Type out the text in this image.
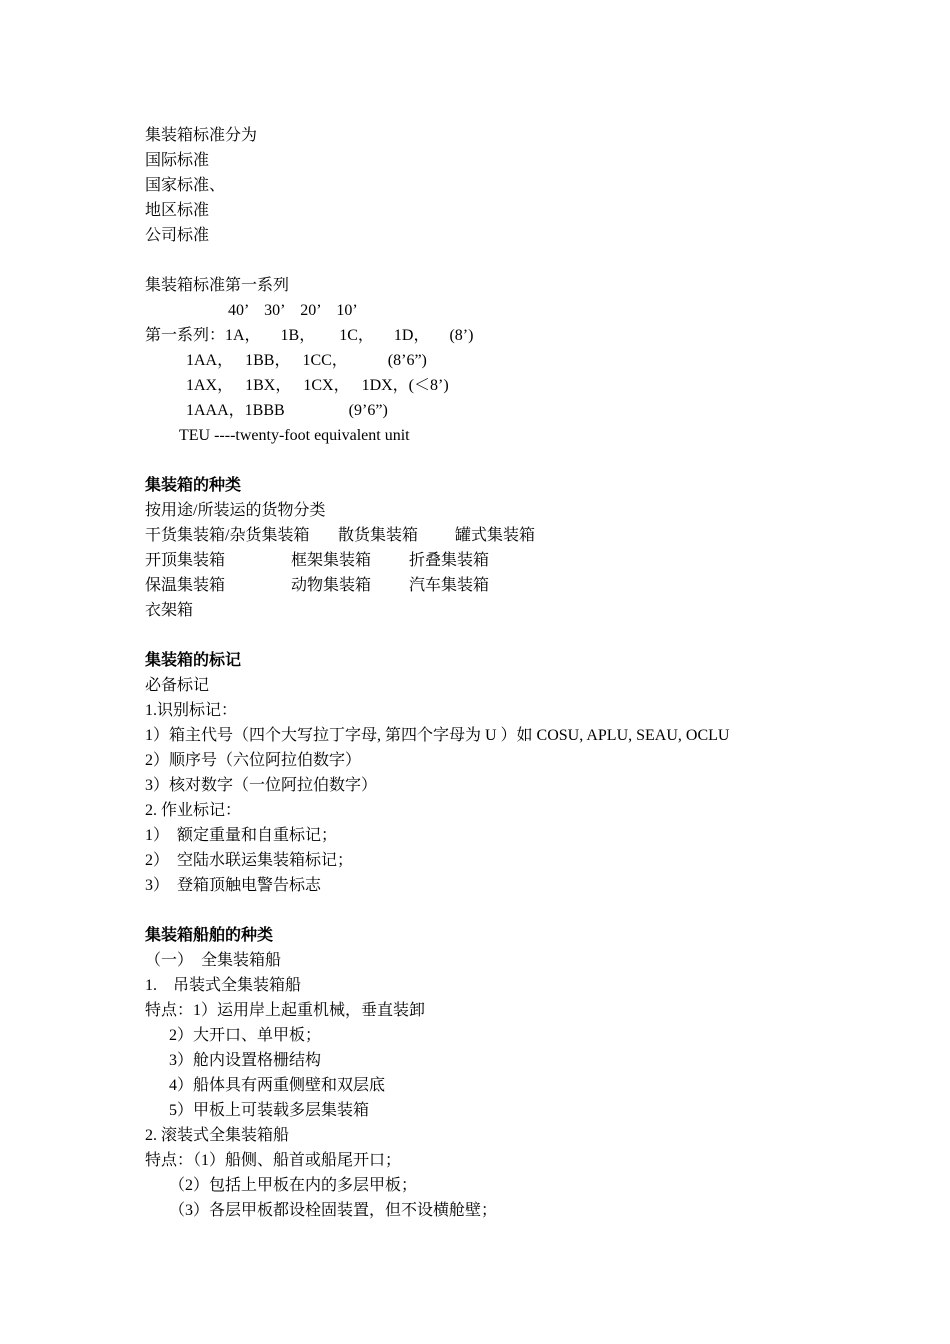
集装箱标准分为
国际标准
国家标准、
地区标准
公司标准
集装箱标准第一系列
40’    30’    20’    10’
第一系列：1A，     1B，      1C，     1D，     (8’)
1AA，   1BB，   1CC，          (8’6”)
1AX，   1BX，   1CX，   1DX，(＜8’)
1AAA，1BBB                (9’6”)
TEU ----twenty-foot equivalent unit
集装箱的种类
按用途/所装运的货物分类
干货集装箱/杂货集装箱 散货集装箱 罐式集装箱
开顶集装箱	框架集装箱 折叠集装箱
保温集装箱	动物集装箱 汽车集装箱
衣架箱
集装箱的标记
必备标记
1.识别标记：
1）箱主代号（四个大写拉丁字母, 第四个字母为 U ）如 COSU, APLU, SEAU, OCLU
2）顺序号（六位阿拉伯数字）
3）核对数字（一位阿拉伯数字）
2. 作业标记：
1）  额定重量和自重标记；
2）  空陆水联运集装箱标记；
3）  登箱顶触电警告标志
集装箱船舶的种类
（一）  全集装箱船
1.    吊装式全集装箱船
特点：1）运用岸上起重机械，垂直装卸
2）大开口、单甲板；
3）舱内设置格栅结构
4）船体具有两重侧壁和双层底
5）甲板上可装载多层集装箱
2. 滚装式全集装箱船
特点：（1）船侧、船首或船尾开口；
（2）包括上甲板在内的多层甲板；
（3）各层甲板都设栓固装置，但不设横舱壁；
